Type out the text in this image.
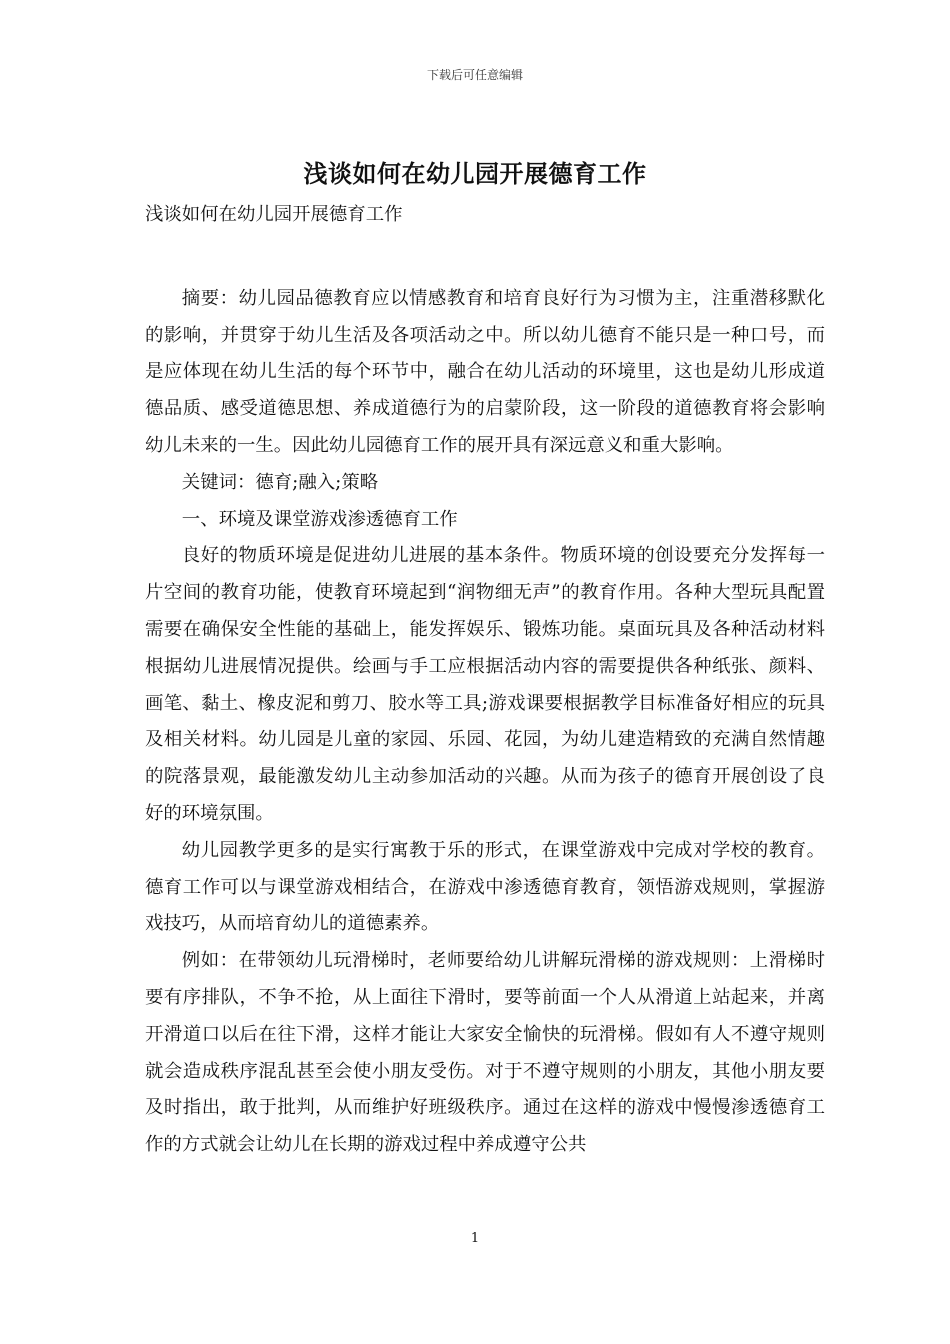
下载后可任意编辑
浅谈如何在幼儿园开展德育工作

浅谈如何在幼儿园开展德育工作

摘要：幼儿园品德教育应以情感教育和培育良好行为习惯为主，注重潜移默化的影响，并贯穿于幼儿生活及各项活动之中。所以幼儿德育不能只是一种口号，而是应体现在幼儿生活的每个环节中，融合在幼儿活动的环境里，这也是幼儿形成道德品质、感受道德思想、养成道德行为的启蒙阶段，这一阶段的道德教育将会影响幼儿未来的一生。因此幼儿园德育工作的展开具有深远意义和重大影响。

关键词：德育;融入;策略

一、环境及课堂游戏渗透德育工作

良好的物质环境是促进幼儿进展的基本条件。物质环境的创设要充分发挥每一片空间的教育功能，使教育环境起到“润物细无声”的教育作用。各种大型玩具配置需要在确保安全性能的基础上，能发挥娱乐、锻炼功能。桌面玩具及各种活动材料根据幼儿进展情况提供。绘画与手工应根据活动内容的需要提供各种纸张、颜料、画笔、黏土、橡皮泥和剪刀、胶水等工具;游戏课要根据教学目标准备好相应的玩具及相关材料。幼儿园是儿童的家园、乐园、花园，为幼儿建造精致的充满自然情趣的院落景观，最能激发幼儿主动参加活动的兴趣。从而为孩子的德育开展创设了良好的环境氛围。

幼儿园教学更多的是实行寓教于乐的形式，在课堂游戏中完成对学校的教育。德育工作可以与课堂游戏相结合，在游戏中渗透德育教育，领悟游戏规则，掌握游戏技巧，从而培育幼儿的道德素养。

例如：在带领幼儿玩滑梯时，老师要给幼儿讲解玩滑梯的游戏规则：上滑梯时要有序排队，不争不抢，从上面往下滑时，要等前面一个人从滑道上站起来，并离开滑道口以后在往下滑，这样才能让大家安全愉快的玩滑梯。假如有人不遵守规则就会造成秩序混乱甚至会使小朋友受伤。对于不遵守规则的小朋友，其他小朋友要及时指出，敢于批判，从而维护好班级秩序。通过在这样的游戏中慢慢渗透德育工作的方式就会让幼儿在长期的游戏过程中养成遵守公共

1
